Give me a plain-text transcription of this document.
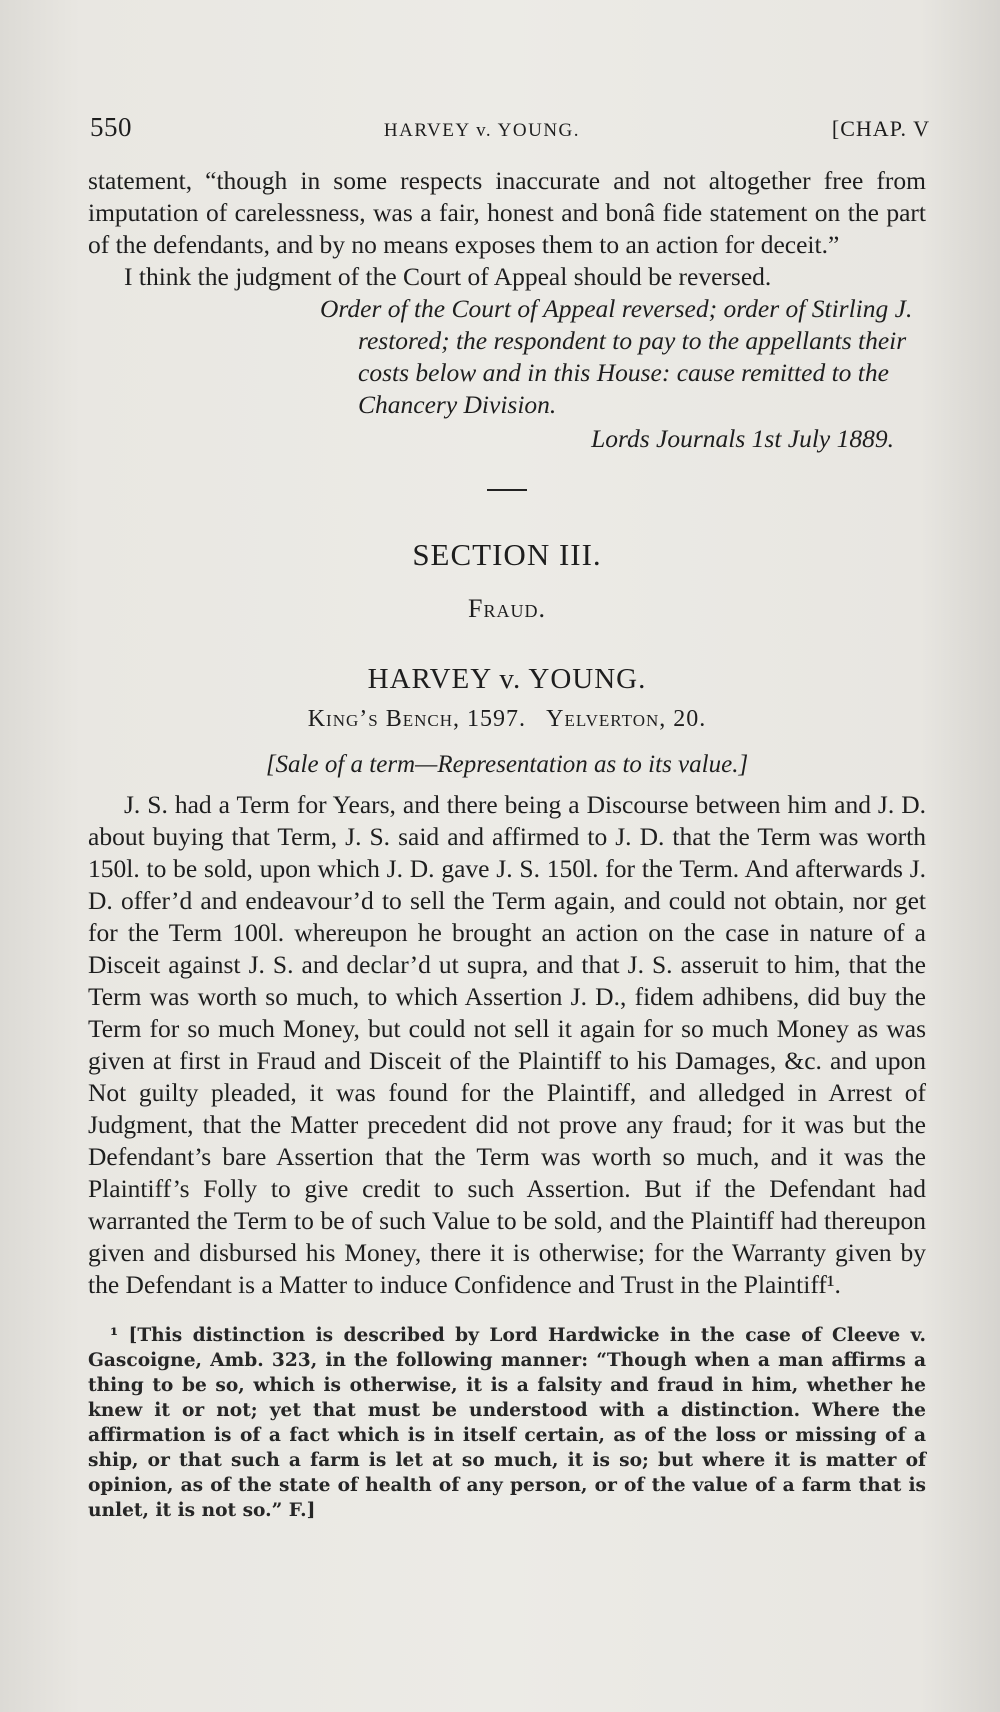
550	HARVEY v. YOUNG.	[CHAP. V

statement, “though in some respects inaccurate and not altogether free from imputation of carelessness, was a fair, honest and bonâ fide statement on the part of the defendants, and by no means exposes them to an action for deceit.”

I think the judgment of the Court of Appeal should be reversed.

Order of the Court of Appeal reversed; order of Stirling J. restored; the respondent to pay to the appellants their costs below and in this House: cause remitted to the Chancery Division.

Lords Journals 1st July 1889.

SECTION III.
Fraud.
HARVEY v. YOUNG.
King’s Bench, 1597. Yelverton, 20.
[Sale of a term—Representation as to its value.]

J. S. had a Term for Years, and there being a Discourse between him and J. D. about buying that Term, J. S. said and affirmed to J. D. that the Term was worth 150l. to be sold, upon which J. D. gave J. S. 150l. for the Term. And afterwards J. D. offer’d and endeavour’d to sell the Term again, and could not obtain, nor get for the Term 100l. whereupon he brought an action on the case in nature of a Disceit against J. S. and declar’d ut supra, and that J. S. asseruit to him, that the Term was worth so much, to which Assertion J. D., fidem adhibens, did buy the Term for so much Money, but could not sell it again for so much Money as was given at first in Fraud and Disceit of the Plaintiff to his Damages, &c. and upon Not guilty pleaded, it was found for the Plaintiff, and alledged in Arrest of Judgment, that the Matter precedent did not prove any fraud; for it was but the Defendant’s bare Assertion that the Term was worth so much, and it was the Plaintiff’s Folly to give credit to such Assertion. But if the Defendant had warranted the Term to be of such Value to be sold, and the Plaintiff had thereupon given and disbursed his Money, there it is otherwise; for the Warranty given by the Defendant is a Matter to induce Confidence and Trust in the Plaintiff¹.

¹ [This distinction is described by Lord Hardwicke in the case of Cleeve v. Gascoigne, Amb. 323, in the following manner: “Though when a man affirms a thing to be so, which is otherwise, it is a falsity and fraud in him, whether he knew it or not; yet that must be understood with a distinction. Where the affirmation is of a fact which is in itself certain, as of the loss or missing of a ship, or that such a farm is let at so much, it is so; but where it is matter of opinion, as of the state of health of any person, or of the value of a farm that is unlet, it is not so.” F.]
